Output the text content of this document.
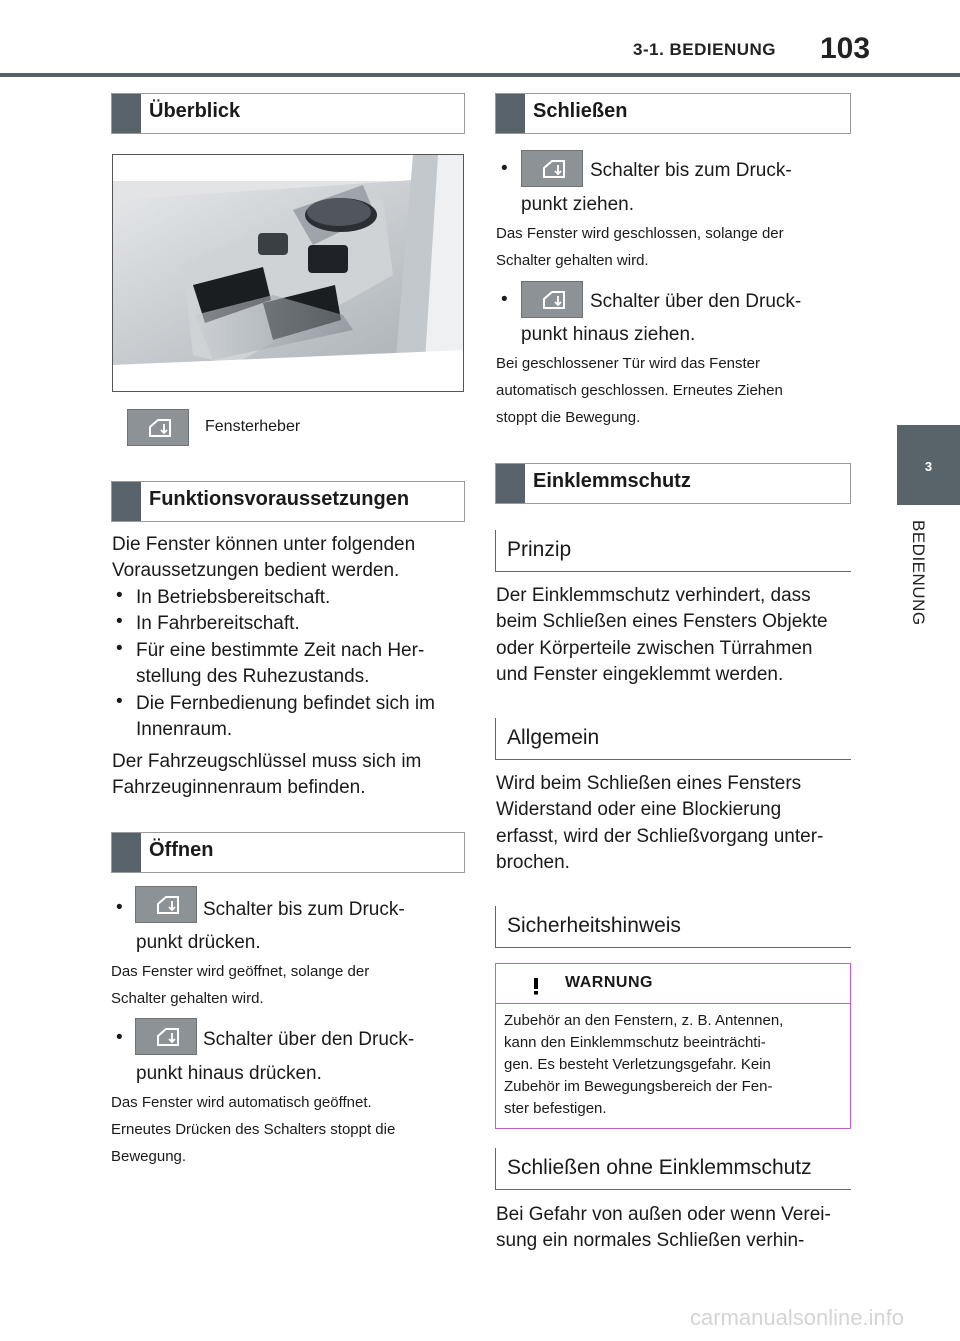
3-1. BEDIENUNG 103
3
BEDIENUNG
Überblick
Fensterheber
Funktionsvoraussetzungen
Die Fenster können unter folgenden
Voraussetzungen bedient werden.
• In Betriebsbereitschaft.
• In Fahrbereitschaft.
• Für eine bestimmte Zeit nach Her-
stellung des Ruhezustands.
• Die Fernbedienung befindet sich im
Innenraum.
Der Fahrzeugschlüssel muss sich im
Fahrzeuginnenraum befinden.
Öffnen
•	Schalter bis zum Druck-
punkt drücken.
Das Fenster wird geöffnet, solange der
Schalter gehalten wird.
•	Schalter über den Druck-
punkt hinaus drücken.
Das Fenster wird automatisch geöffnet.
Erneutes Drücken des Schalters stoppt die
Bewegung.
Schließen
•	Schalter bis zum Druck-
punkt ziehen.
Das Fenster wird geschlossen, solange der
Schalter gehalten wird.
•	Schalter über den Druck-
punkt hinaus ziehen.
Bei geschlossener Tür wird das Fenster
automatisch geschlossen. Erneutes Ziehen
stoppt die Bewegung.
Einklemmschutz
Prinzip
Der Einklemmschutz verhindert, dass
beim Schließen eines Fensters Objekte
oder Körperteile zwischen Türrahmen
und Fenster eingeklemmt werden.
Allgemein
Wird beim Schließen eines Fensters
Widerstand oder eine Blockierung
erfasst, wird der Schließvorgang unter-
brochen.
Sicherheitshinweis
WARNUNG
Zubehör an den Fenstern, z. B. Antennen,
kann den Einklemmschutz beeinträchti-
gen. Es besteht Verletzungsgefahr. Kein
Zubehör im Bewegungsbereich der Fen-
ster befestigen.
Schließen ohne Einklemmschutz
Bei Gefahr von außen oder wenn Verei-
sung ein normales Schließen verhin-
carmanualsonline.info
